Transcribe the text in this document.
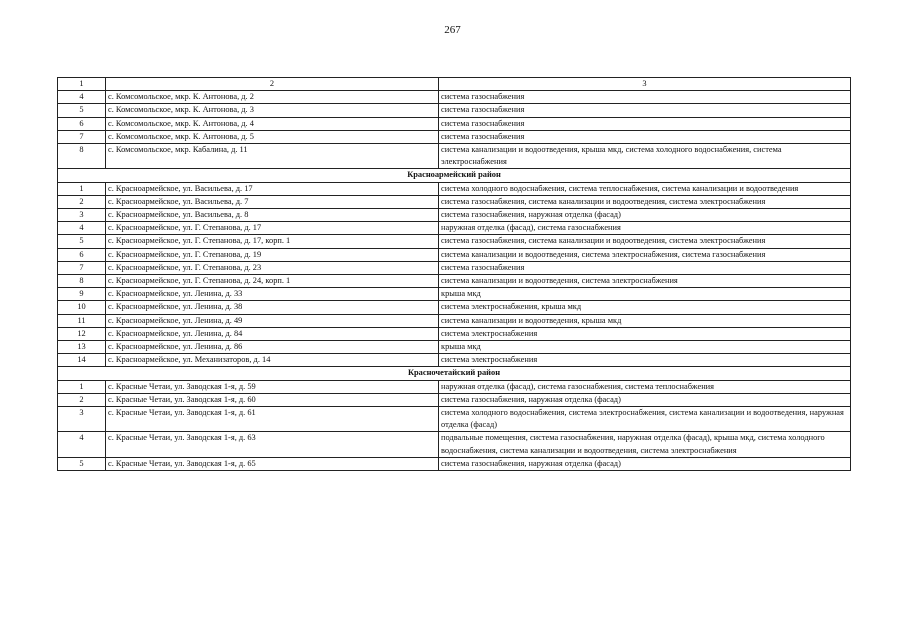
267
1	2	3
4	с. Комсомольское, мкр. К. Антонова, д. 2	система газоснабжения
5	с. Комсомольское, мкр. К. Антонова, д. 3	система газоснабжения
6	с. Комсомольское, мкр. К. Антонова, д. 4	система газоснабжения
7	с. Комсомольское, мкр. К. Антонова, д. 5	система газоснабжения
8	с. Комсомольское, мкр. Кабалина, д. 11	система канализации и водоотведения, крыша мкд, система холодного водоснабжения, система электроснабжения
Красноармейский район		
1	с. Красноармейское, ул. Васильева, д. 17	система холодного водоснабжения, система теплоснабжения, система канализации и водоотведения
2	с. Красноармейское, ул. Васильева, д. 7	система газоснабжения, система канализации и водоотведения, система электроснабжения
3	с. Красноармейское, ул. Васильева, д. 8	система газоснабжения, наружная отделка (фасад)
4	с. Красноармейское, ул. Г. Степанова, д. 17	наружная отделка (фасад), система газоснабжения
5	с. Красноармейское, ул. Г. Степанова, д. 17, корп. 1	система газоснабжения, система канализации и водоотведения, система электроснабжения
6	с. Красноармейское, ул. Г. Степанова, д. 19	система канализации и водоотведения, система электроснабжения, система газоснабжения
7	с. Красноармейское, ул. Г. Степанова, д. 23	система газоснабжения
8	с. Красноармейское, ул. Г. Степанова, д. 24, корп. 1	система канализации и водоотведения, система электроснабжения
9	с. Красноармейское, ул. Ленина, д. 33	крыша мкд
10	с. Красноармейское, ул. Ленина, д. 38	система электроснабжения, крыша мкд
11	с. Красноармейское, ул. Ленина, д. 49	система канализации и водоотведения, крыша мкд
12	с. Красноармейское, ул. Ленина, д. 84	система электроснабжения
13	с. Красноармейское, ул. Ленина, д. 86	крыша мкд
14	с. Красноармейское, ул. Механизаторов, д. 14	система электроснабжения
Красночетайский район		
1	с. Красные Четаи, ул. Заводская 1-я, д. 59	наружная отделка (фасад), система газоснабжения, система теплоснабжения
2	с. Красные Четаи, ул. Заводская 1-я, д. 60	система газоснабжения, наружная отделка (фасад)
3	с. Красные Четаи, ул. Заводская 1-я, д. 61	система холодного водоснабжения, система электроснабжения, система канализации и водоотведения, наружная отделка (фасад)
4	с. Красные Четаи, ул. Заводская 1-я, д. 63	подвальные помещения, система газоснабжения, наружная отделка (фасад), крыша мкд, система холодного водоснабжения, система канализации и водоотведения, система электроснабжения
5	с. Красные Четаи, ул. Заводская 1-я, д. 65	система газоснабжения, наружная отделка (фасад)
